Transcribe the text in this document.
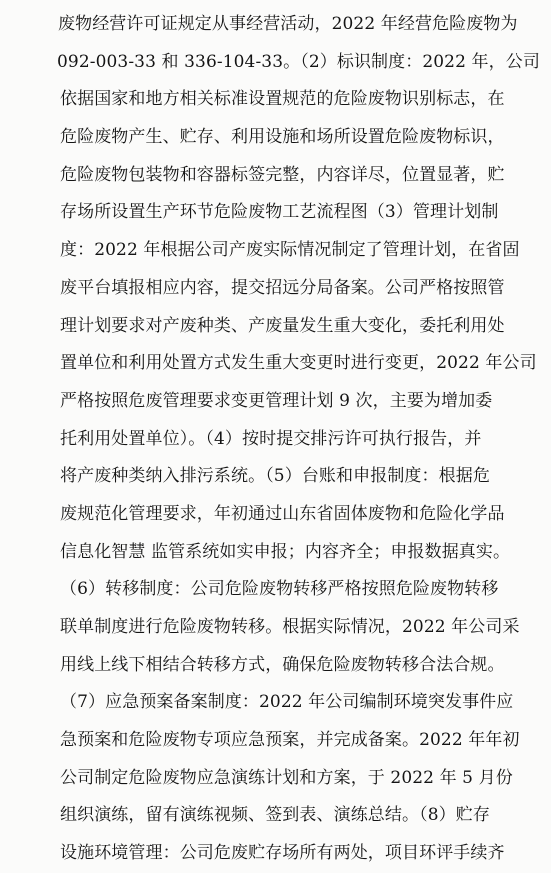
废物经营许可证规定从事经营活动，2022 年经营危险废物为
092-003-33 和 336-104-33。（2）标识制度：2022 年，公司
依据国家和地方相关标准设置规范的危险废物识别标志，在
危险废物产生、贮存、利用设施和场所设置危险废物标识，
危险废物包装物和容器标签完整，内容详尽，位置显著，贮
存场所设置生产环节危险废物工艺流程图（3）管理计划制
度：2022 年根据公司产废实际情况制定了管理计划，在省固
废平台填报相应内容，提交招远分局备案。公司严格按照管
理计划要求对产废种类、产废量发生重大变化，委托利用处
置单位和利用处置方式发生重大变更时进行变更，2022 年公司
严格按照危废管理要求变更管理计划 9 次，主要为增加委
托利用处置单位）。（4）按时提交排污许可执行报告，并
将产废种类纳入排污系统。（5）台账和申报制度：根据危
废规范化管理要求，年初通过山东省固体废物和危险化学品
信息化智慧 监管系统如实申报；内容齐全；申报数据真实。
（6）转移制度：公司危险废物转移严格按照危险废物转移
联单制度进行危险废物转移。根据实际情况，2022 年公司采
用线上线下相结合转移方式，确保危险废物转移合法合规。
（7）应急预案备案制度：2022 年公司编制环境突发事件应
急预案和危险废物专项应急预案，并完成备案。2022 年年初
公司制定危险废物应急演练计划和方案，于 2022 年 5 月份
组织演练，留有演练视频、签到表、演练总结。（8）贮存
设施环境管理：公司危废贮存场所有两处，项目环评手续齐
